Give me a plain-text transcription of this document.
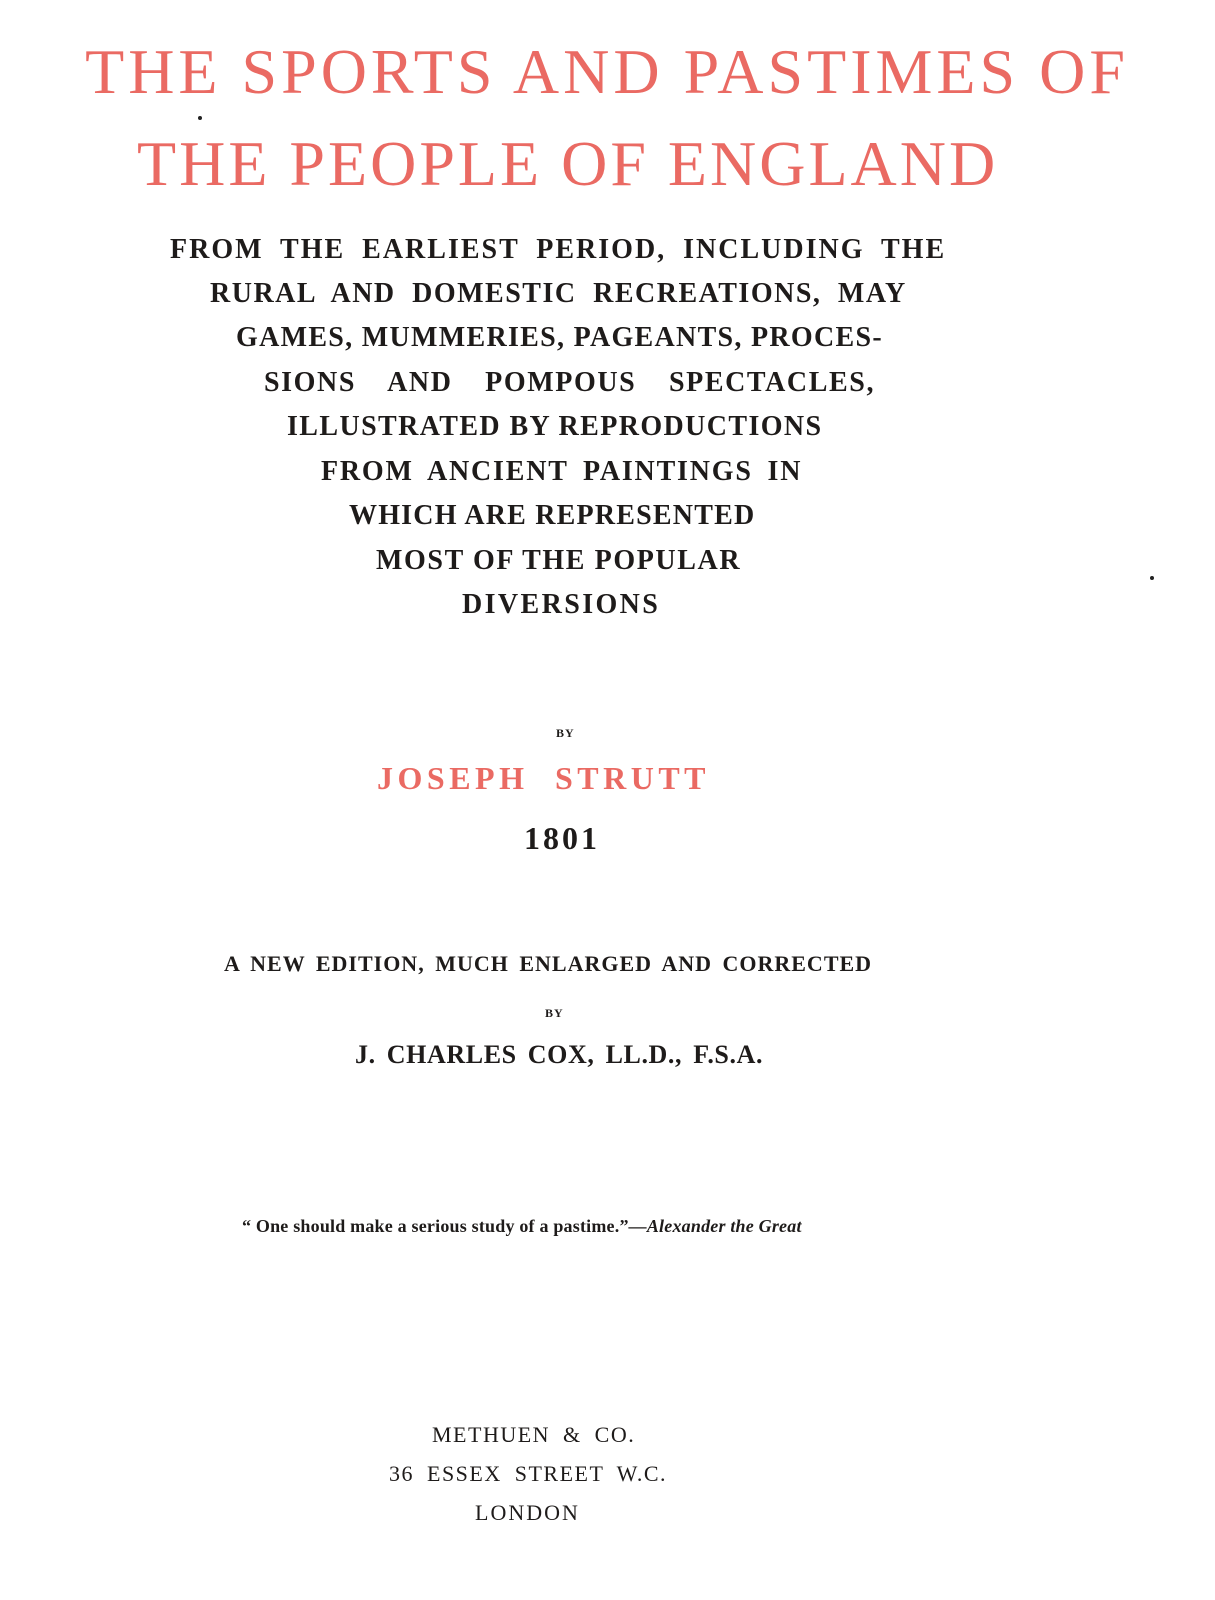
THE SPORTS AND PASTIMES OF
THE PEOPLE OF ENGLAND
FROM THE EARLIEST PERIOD, INCLUDING THE
RURAL AND DOMESTIC RECREATIONS, MAY
GAMES, MUMMERIES, PAGEANTS, PROCES-
SIONS AND POMPOUS SPECTACLES,
ILLUSTRATED BY REPRODUCTIONS
FROM ANCIENT PAINTINGS IN
WHICH ARE REPRESENTED
MOST OF THE POPULAR
DIVERSIONS
BY
JOSEPH STRUTT
1801
A NEW EDITION, MUCH ENLARGED AND CORRECTED
BY
J. CHARLES COX, LL.D., F.S.A.
“ One should make a serious study of a pastime.”—Alexander the Great
METHUEN & CO.
36 ESSEX STREET W.C.
LONDON
